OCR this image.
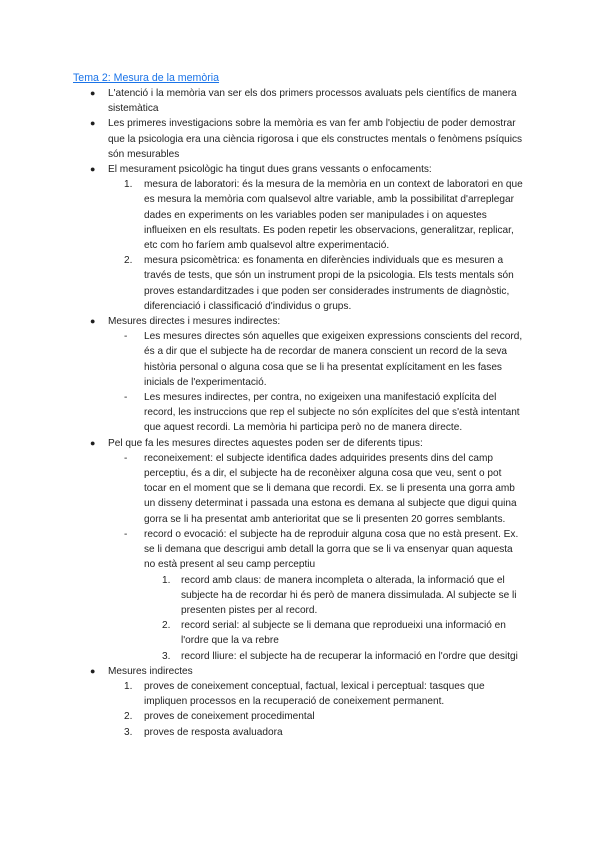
Tema 2: Mesura de la memòria
●	L'atenció i la memòria van ser els dos primers processos avaluats pels científics de manera sistemàtica
●	Les primeres investigacions sobre la memòria es van fer amb l'objectiu de poder demostrar que la psicologia era una ciència rigorosa i que els constructes mentals o fenòmens psíquics són mesurables
●	El mesurament psicològic ha tingut dues grans vessants o enfocaments:
1.	mesura de laboratori: és la mesura de la memòria en un context de laboratori en que es mesura la memòria com qualsevol altre variable, amb la possibilitat d'arreplegar dades en experiments on les variables poden ser manipulades i on aquestes influeixen en els resultats. Es poden repetir les observacions, generalitzar, replicar, etc com ho faríem amb qualsevol altre experimentació.
2.	mesura psicomètrica: es fonamenta en diferències individuals que es mesuren a través de tests, que són un instrument propi de la psicologia. Els tests mentals són proves estandarditzades i que poden ser considerades instruments de diagnòstic, diferenciació i classificació d'individus o grups.
●	Mesures directes i mesures indirectes:
-	Les mesures directes són aquelles que exigeixen expressions conscients del record, és a dir que el subjecte ha de recordar de manera conscient un record de la seva història personal o alguna cosa que se li ha presentat explícitament en les fases inicials de l'experimentació.
-	Les mesures indirectes, per contra, no exigeixen una manifestació explícita del record, les instruccions que rep el subjecte no són explícites del que s'està intentant que aquest recordi. La memòria hi participa però no de manera directe.
●	Pel que fa les mesures directes aquestes poden ser de diferents tipus:
-	reconeixement: el subjecte identifica dades adquirides presents dins del camp perceptiu, és a dir, el subjecte ha de reconèixer alguna cosa que veu, sent o pot tocar en el moment que se li demana que recordi. Ex. se li presenta una gorra amb un disseny determinat i passada una estona es demana al subjecte que digui quina gorra se li ha presentat amb anterioritat que se li presenten 20 gorres semblants.
-	record o evocació: el subjecte ha de reproduir alguna cosa que no està present. Ex. se li demana que descrigui amb detall la gorra que se li va ensenyar quan aquesta no està present al seu camp perceptiu
1.	record amb claus: de manera incompleta o alterada, la informació que el subjecte ha de recordar hi és però de manera dissimulada. Al subjecte se li presenten pistes per al record.
2.	record serial: al subjecte se li demana que reprodueixi una informació en l'ordre que la va rebre
3.	record lliure: el subjecte ha de recuperar la informació en l'ordre que desitgi
●	Mesures indirectes
1.	proves de coneixement conceptual, factual, lexical i perceptual: tasques que impliquen processos en la recuperació de coneixement permanent.
2.	proves de coneixement procedimental
3.	proves de resposta avaluadora
